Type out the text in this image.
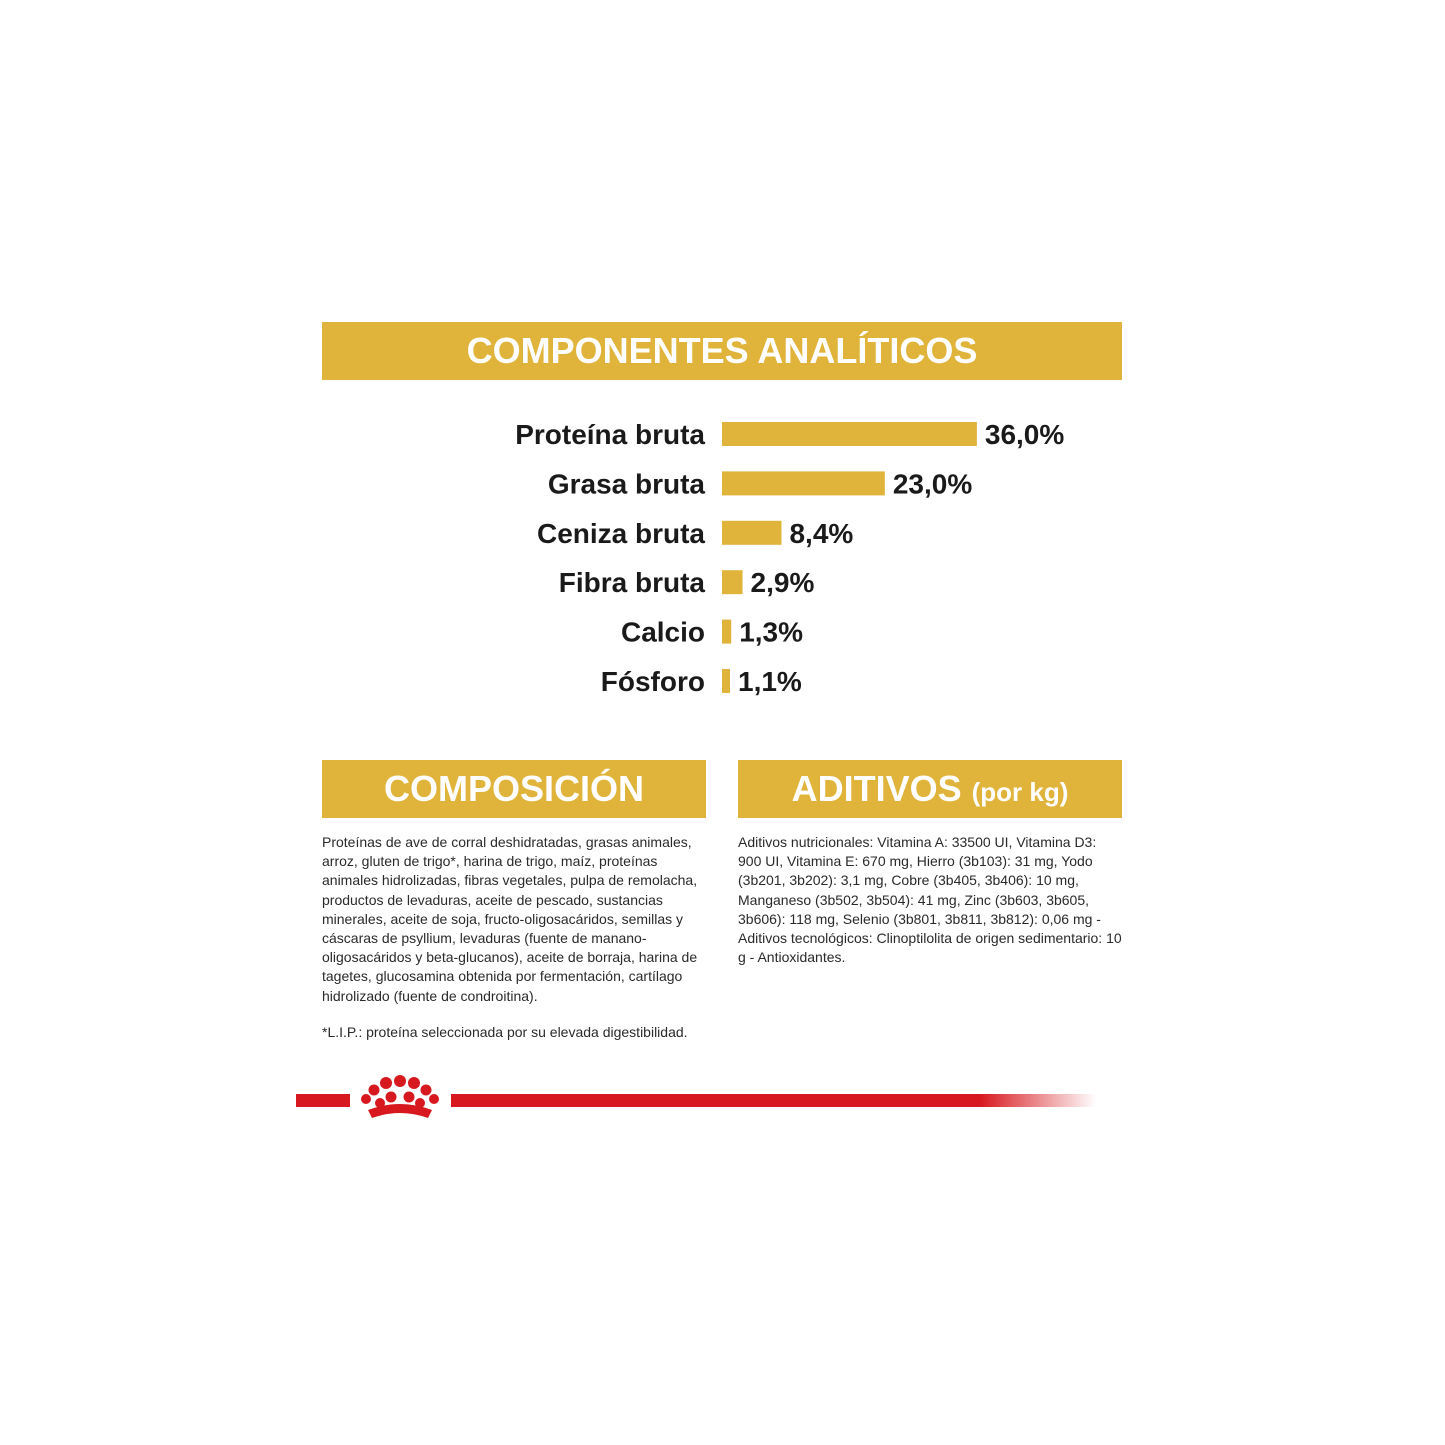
COMPONENTES ANALÍTICOS
Proteína bruta	36,0%
Grasa bruta	23,0%
Ceniza bruta	8,4%
Fibra bruta 2,9%
Calcio 1,3%
Fósforo 1,1%
COMPOSICIÓN	ADITIVOS (por kg)

Proteínas de ave de corral deshidratadas, grasas animales, arroz, gluten de trigo*, harina de trigo, maíz, proteínas animales hidrolizadas, fibras vegetales, pulpa de remolacha, productos de levaduras, aceite de pescado, sustancias minerales, aceite de soja, fructo-oligosacáridos, semillas y cáscaras de psyllium, levaduras (fuente de manano-oligosacáridos y beta-glucanos), aceite de borraja, harina de tagetes, glucosamina obtenida por fermentación, cartílago hidrolizado (fuente de condroitina).

*L.I.P.: proteína seleccionada por su elevada digestibilidad.

Aditivos nutricionales: Vitamina A: 33500 UI, Vitamina D3: 900 UI, Vitamina E: 670 mg, Hierro (3b103): 31 mg, Yodo (3b201, 3b202): 3,1 mg, Cobre (3b405, 3b406): 10 mg, Manganeso (3b502, 3b504): 41 mg, Zinc (3b603, 3b605, 3b606): 118 mg, Selenio (3b801, 3b811, 3b812): 0,06 mg - Aditivos tecnológicos: Clinoptilolita de origen sedimentario: 10 g - Antioxidantes.
